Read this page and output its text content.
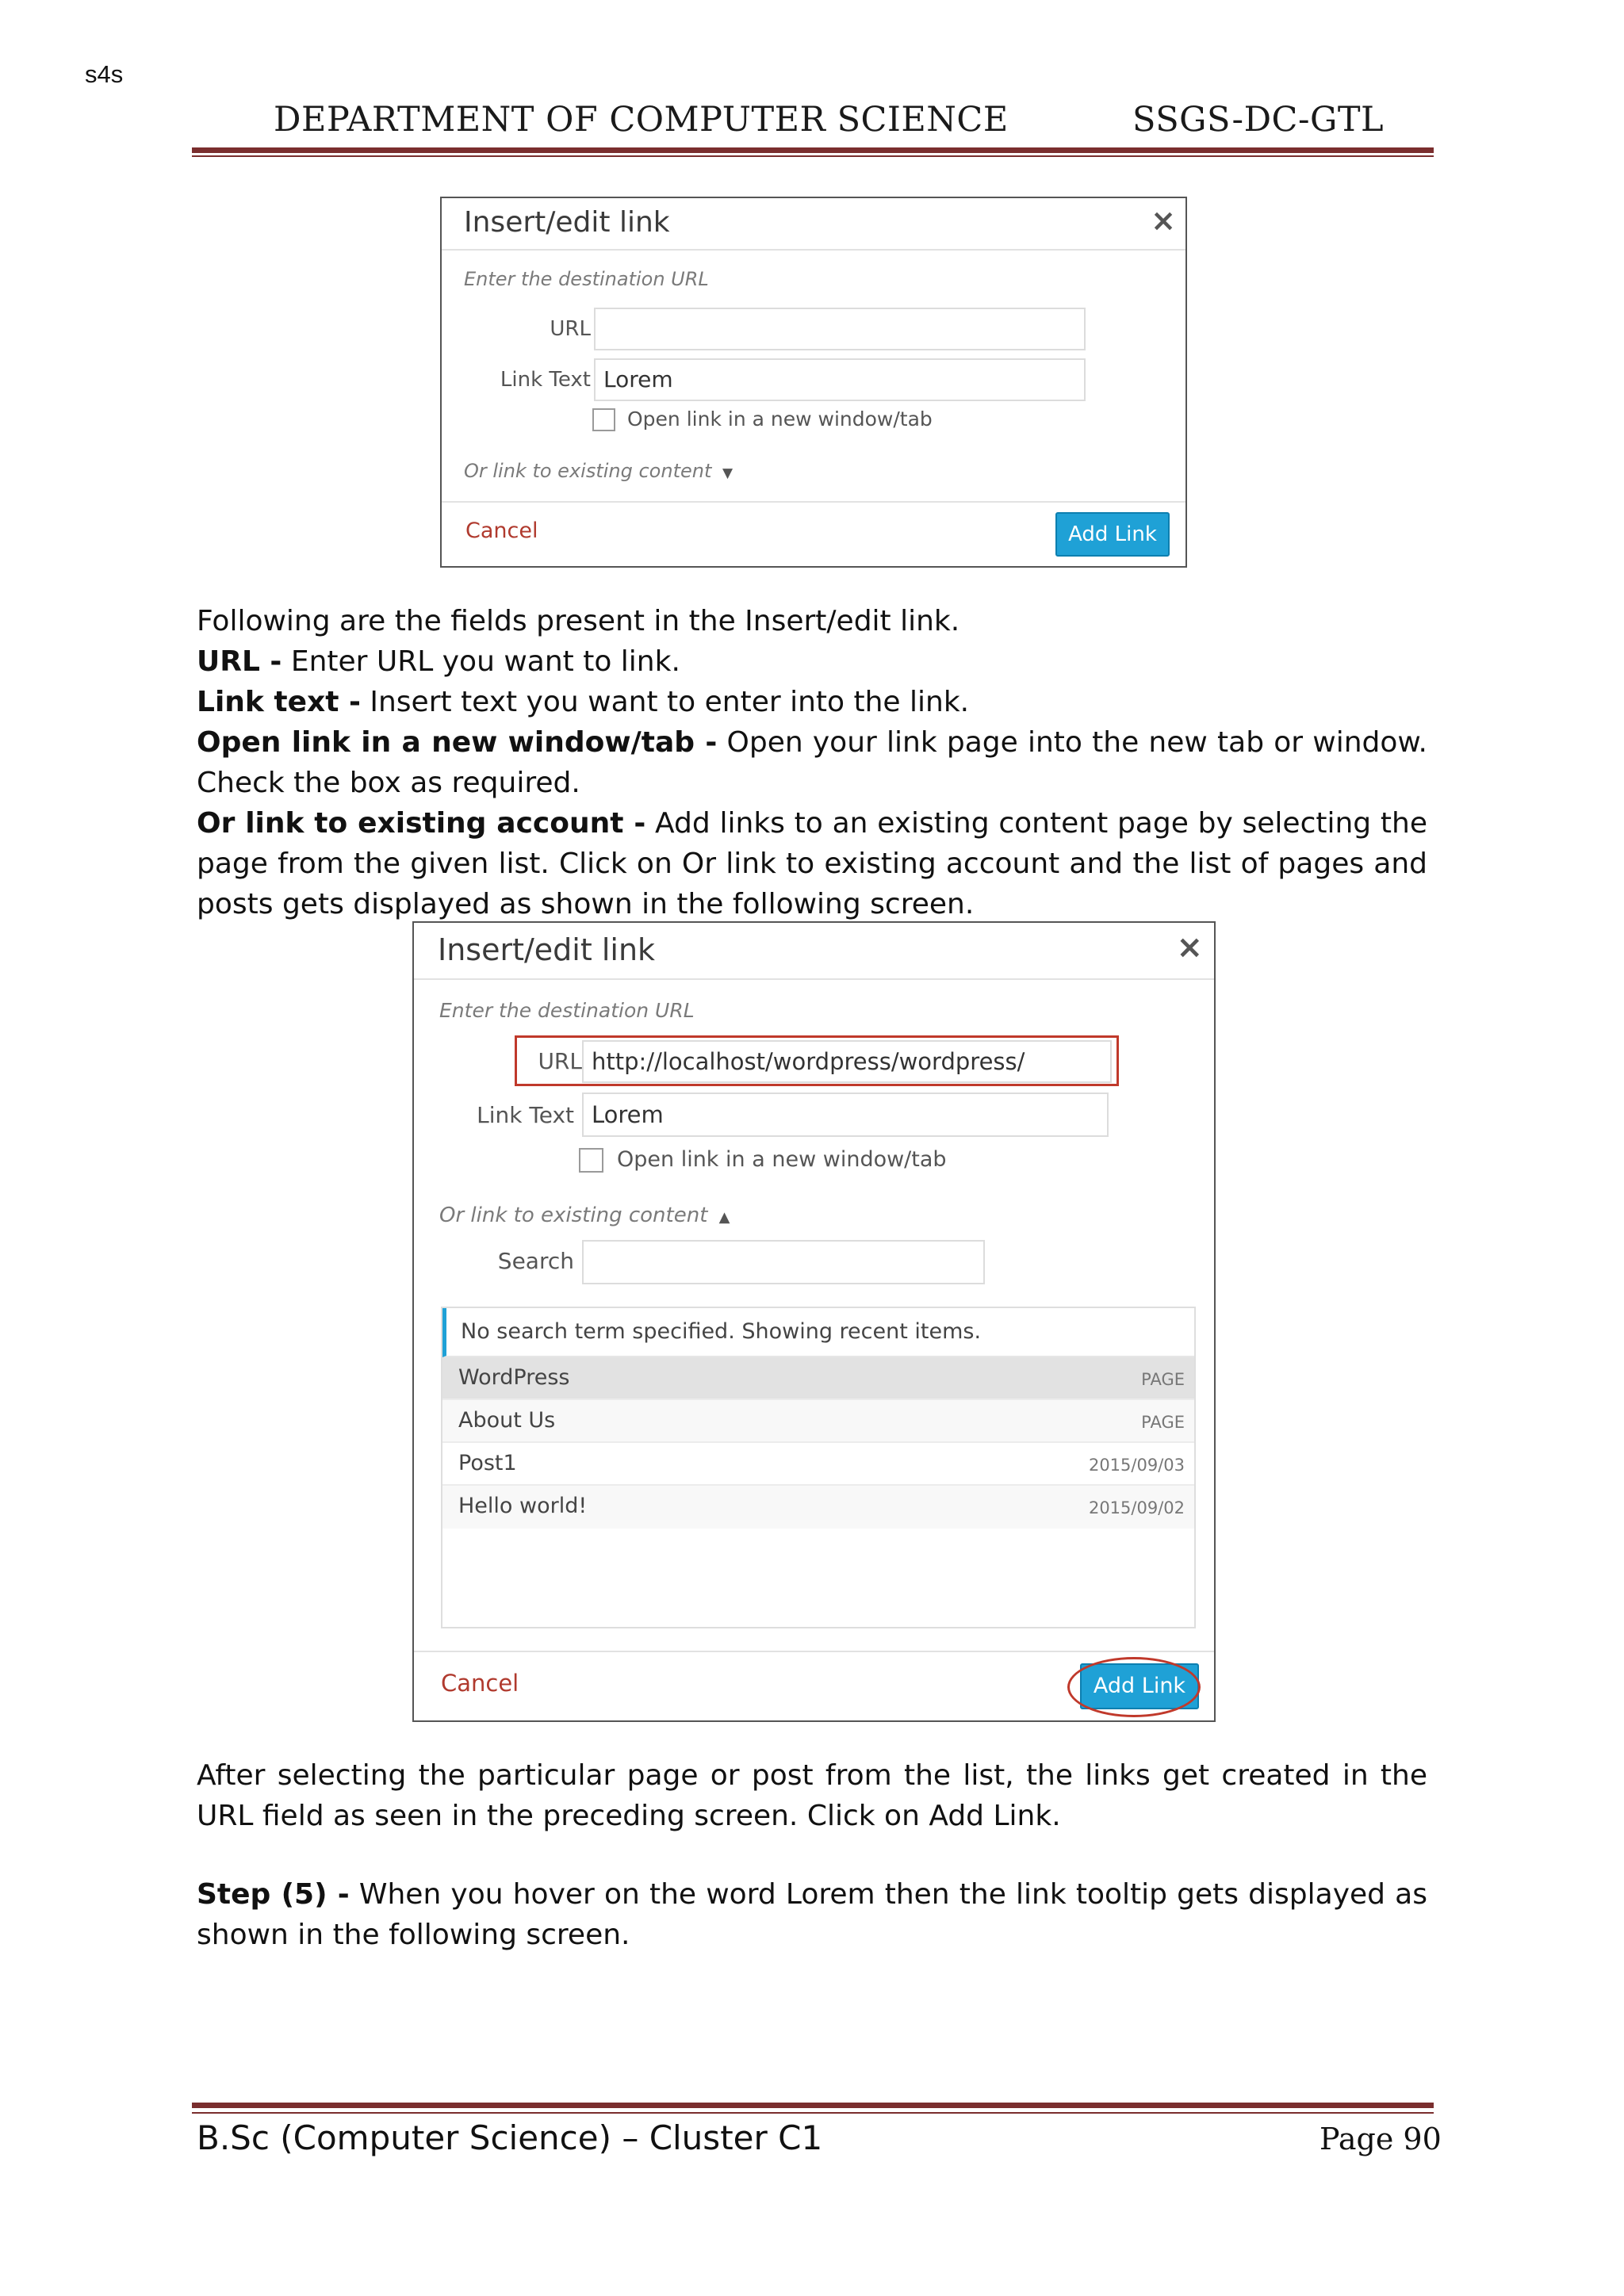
s4s
DEPARTMENT OF COMPUTER SCIENCE	SSGS-DC-GTL
Insert/edit link	×
Enter the destination URL
URL
Link Text Lorem
Open link in a new window/tab
Or link to existing content ▼
Cancel	Add Link
Following are the fields present in the Insert/edit link.
URL - Enter URL you want to link.
Link text - Insert text you want to enter into the link.
Open link in a new window/tab - Open your link page into the new tab or window. Check the box as required.
Or link to existing account - Add links to an existing content page by selecting the page from the given list. Click on Or link to existing account and the list of pages and posts gets displayed as shown in the following screen.
Insert/edit link	×
Enter the destination URL
URL http://localhost/wordpress/wordpress/
Link Text Lorem
Open link in a new window/tab
Or link to existing content ▲
Search
No search term specified. Showing recent items.
WordPress	PAGE
About Us	PAGE
Post1	2015/09/03
Hello world!	2015/09/02
Cancel	Add Link
After selecting the particular page or post from the list, the links get created in the URL field as seen in the preceding screen. Click on Add Link.
Step (5) - When you hover on the word Lorem then the link tooltip gets displayed as shown in the following screen.
B.Sc (Computer Science) – Cluster C1	Page 90
